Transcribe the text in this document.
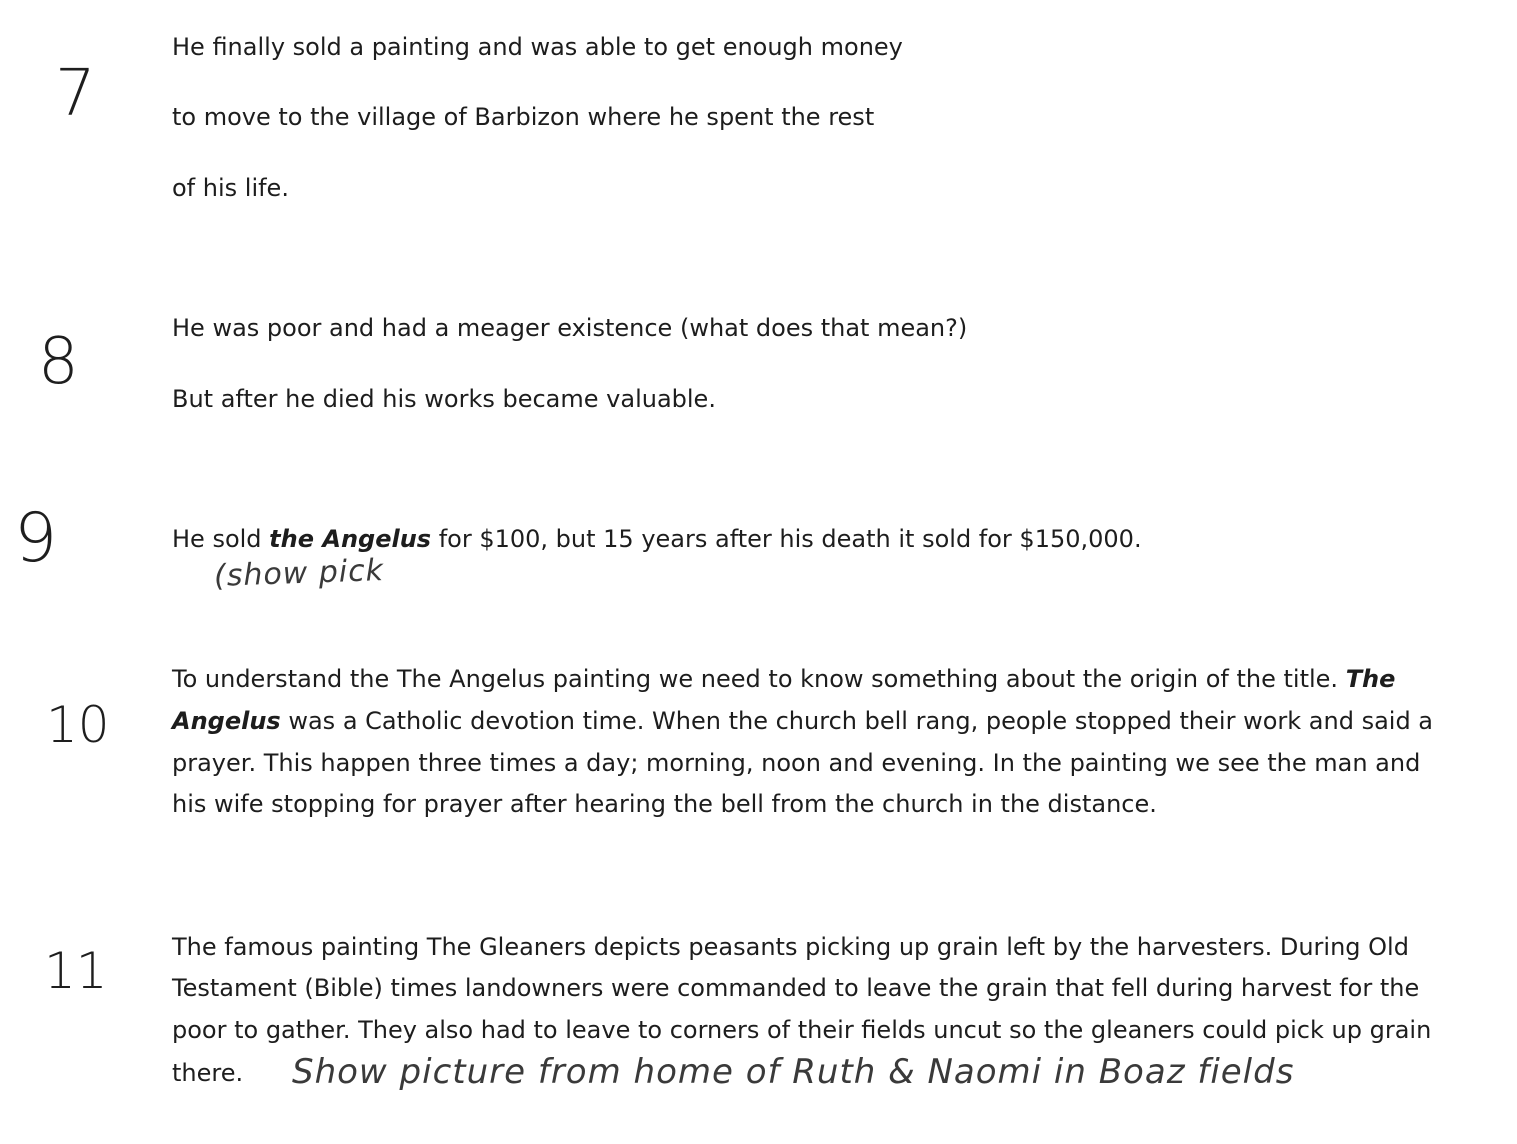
7
He finally sold a painting and was able to get enough money
to move to the village of Barbizon where he spent the rest
of his life.
8	He was poor and had a meager existence (what does that mean?)
But after he died his works became valuable.
9	He sold the Angelus for $100, but 15 years after his death it sold for $150,000.
(show pick
10
To understand the The Angelus painting we need to know something about the origin of the title. The
Angelus was a Catholic devotion time. When the church bell rang, people stopped their work and said a
prayer. This happen three times a day; morning, noon and evening. In the painting we see the man and
his wife stopping for prayer after hearing the bell from the church in the distance.
11	The famous painting The Gleaners depicts peasants picking up grain left by the harvesters. During Old
Testament (Bible) times landowners were commanded to leave the grain that fell during harvest for the
poor to gather. They also had to leave to corners of their fields uncut so the gleaners could pick up grain
there. Show picture from home of Ruth & Naomi in Boaz fields
